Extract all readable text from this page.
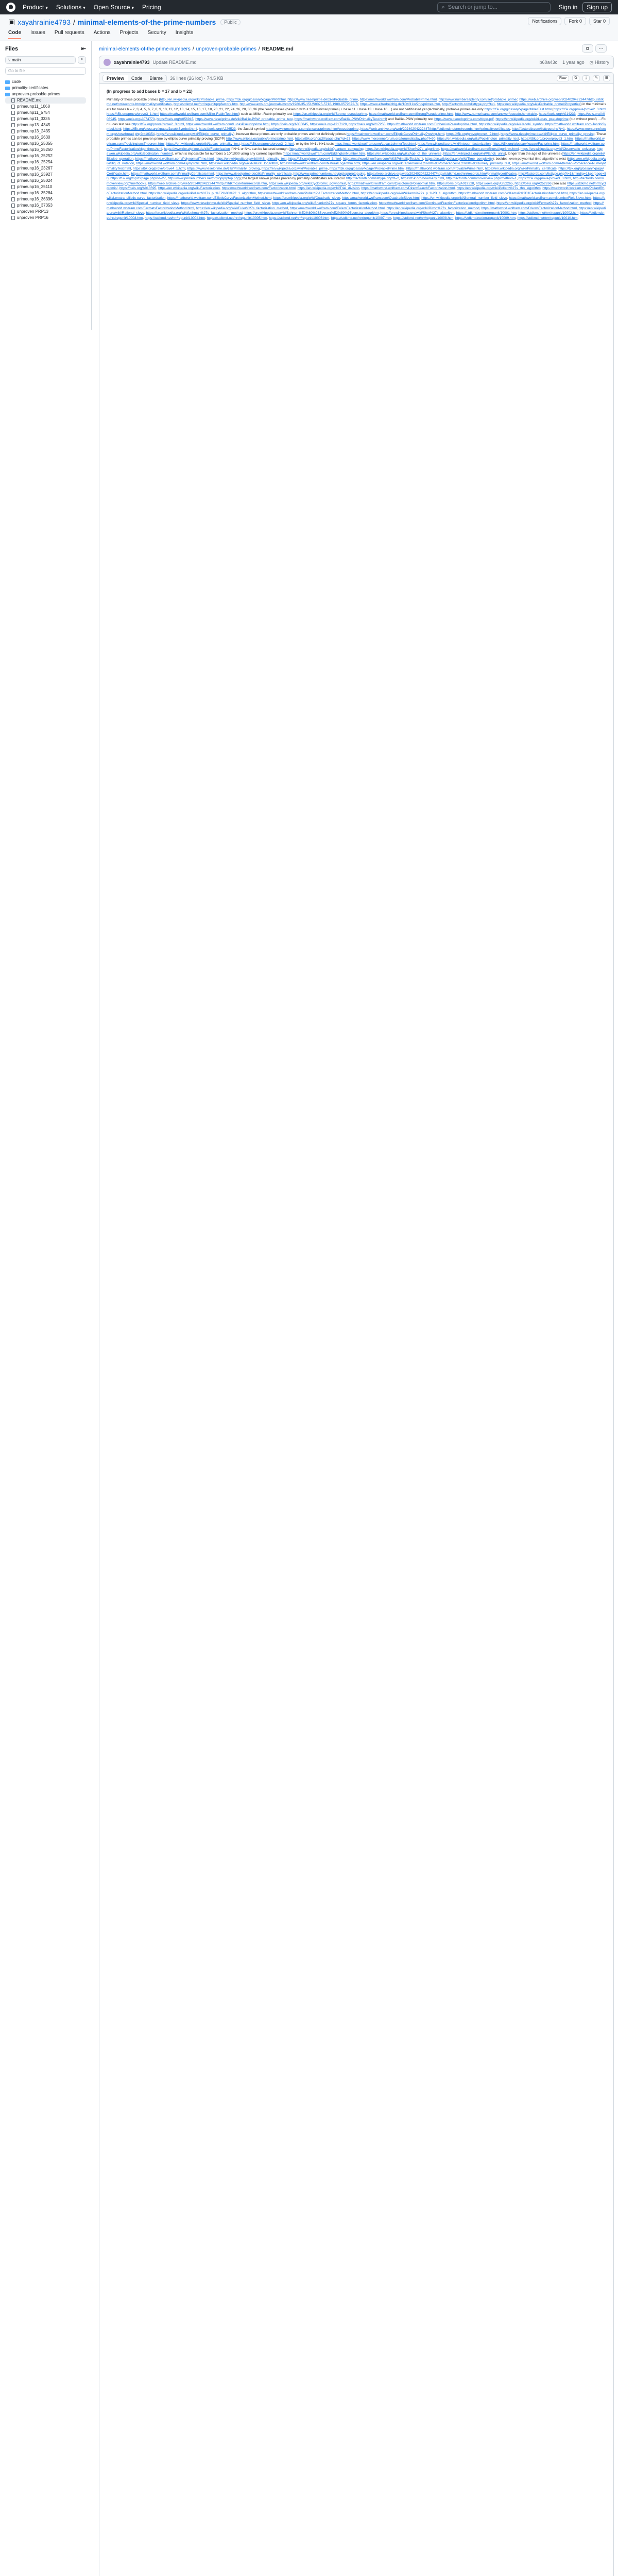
Product ▾ Solutions ▾ Open Source ▾ Pricing	⌕ Search or jump to...	Sign in	Sign up
▣ xayahrainie4793 / minimal-elements-of-the-prime-numbers	Public	Notifications	Fork 0	Star 0
Code Issues Pull requests Actions Projects Security Insights
Files	⇤
⑂ main	⌕
Go to file
code
primality-certificates
unproven-probable-primes
README.md
primeunp11_1068
primeunp11_5754
primeunp11_3335
primeunp13_4345
primeunp13_2435
primeunp16_2630
primeunp16_25355
primeunp16_25250
primeunp16_25252
primeunp16_25254
primeunp16_23267
primeunp16_23927
primeunp16_25024
primeunp16_25110
primeunp16_35284
primeunp16_36396
primeunp16_37353
unproven PRP13
unproven PRP16
minimal-elements-of-the-prime-numbers / unproven-probable-primes / README.md	⧉	⋯
xayahrainie4793 Update README.md	b60a43c 1 year ago ◷ History
Preview	Code	Blame	36 lines (26 loc) · 74.5 KB	Raw	⧉	⤓	✎	☰
(In progress to add bases b = 17 and b = 21)

Primality of these probable primes (http://en.wikipedia.org/wiki/Probable_prime, https://t5k.org/glossary/xpage/PRP.html, https://www.rieselprime.de/ziki/Probable_prime, https://mathworld.wolfram.com/ProbablePrime.html, http://www.numbersaplenty.com/set/probable_prime/, https://web.archive.org/web/20240204222447/http://stdkmd.net/nrr/records.htm#primalitycertificates, http://stdkmd.net/nrr/repunit/prpfactors.htm, http://www.ams.org/journals/mcom/1980-35-151/S0025-5718-1980-0572872-7/, https://www.alfredreichlg.de/10w/11w/2nd/primes.htm, http://factordb.com/listtype.php?t=1, https://en.wikipedia.org/wiki/Probable_prime#Properties) in the minimal sets for bases b = 2, 3, 4, 5, 6, 7, 8, 9, 10, 11, 12, 13, 14, 15, 16, 17, 18, 20, 21, 22, 24, 26, 28, 30, 36 (the "easy" bases (bases b with ≤ 150 minimal primes) + base 11 + base 13 + base 16 ...) are not certificated yet (technically, probable primes are only https://t5k.org/glossary/xpage/MillerTest.html (https://t5k.org/prove/prove2_3.html https://t5k.org/prove/prove3_1.html https://mathworld.wolfram.com/Miller-RabinTest.html) such as Miller–Rabin primality test https://en.wikipedia.org/wiki/Strong_pseudoprime, https://mathworld.wolfram.com/StrongPseudoprime.html, http://www.numericana.com/answer/pseudo.htm#rabin, https://oeis.org/A014233, https://oeis.org/A006945, https://oeis.org/A074773, https://oeis.org/A056915, https://www.rieselprime.de/ziki/Baillie-PSW_probable_prime_test, https://mathworld.wolfram.com/Baillie-PSWPrimalityTest.html) and Baillie–PSW primality test https://www.pseudoprime.com/dopo.pdf, https://en.wikipedia.org/wiki/Lucas_pseudoprime (but without proof) ... For Lucas test see https://t5k.org/prove/prove2_3.html, https://mathworld.wolfram.com/LucasPseudoprime.html, https://oeis.org/A005845, https://oeis.org/A217120, https://oeis.org/A217255, https://mathworld.wolfram.com/FrobeniusPseudoprime.html, https://en.wikipedia.org/wiki/Jacobi_symbol, https://mathworld.wolfram.com/JacobiSymbol.html, https://t5k.org/glossary/xpage/JacobiSymbol.html, https://oeis.org/A226523, the Jacobi symbol http://www.numericana.com/answer/primes.htm#pseudoprime, https://web.archive.org/web/20240204222447/http://stdkmd.net/nrr/records.htm#primalitycertificates, http://factordb.com/listtype.php?t=1, https://www.mersenneforum.org/showthread.php?t=10354, https://en.wikipedia.org/wiki/Elliptic_curve_primality), however these primes are only probable primes and not definitely primes https://mathworld.wolfram.com/EllipticCurvePrimalityProving.html, https://t5k.org/prove/prove4_2.html, https://www.rieselprime.de/ziki/Elliptic_curve_primality_proving. These probable primes can be proven prime by elliptic curve primality proving (ECPP) http://www.ellipsa.eu/public/primo/primo.html, https://t5k.org/top20/page.php?id=27, https://www.mersenneforum.org/forumdisplay.php?f=90, https://en.wikipedia.org/wiki/Pocklington_primality_test, https://t5k.org/prove/prove3_1.html, https://mathworld.wolfram.com/PocklingtonsTheorem.html, https://en.wikipedia.org/wiki/Lucas_primality_test, https://t5k.org/prove/prove3_2.html, or by the N−1 / N+1 tests https://mathworld.wolfram.com/LucasLehmerTest.html, https://en.wikipedia.org/wiki/Integer_factorization, https://t5k.org/glossary/xpage/Factoring.html, https://mathworld.wolfram.com/PrimeFactorizationAlgorithms.html, https://www.rieselprime.de/ziki/Factorization if N−1 or N+1 can be factored enough (https://en.wikipedia.org/wiki/Quantum_computing, https://en.wikipedia.org/wiki/Shor%27s_algorithm, https://mathworld.wolfram.com/ShorsAlgorithm.html, https://en.wikipedia.org/wiki/Observable_universe, https://en.wikipedia.org/wiki/Eddington_number), which is impossible for numbers ≥ 10^1000 using any current algorithm (https://mathworld.wolfram.com/EddingtonNumber.html, https://en.wikipedia.org/wiki/Age_of_the_universe, https://en.wikipedia.org/wiki/Planck_units), longer than the age of the universe (https://en.wikipedia.org/wiki/Bitwise_operation, https://mathworld.wolfram.com/PolynomialTime.html, https://en.wikipedia.org/wiki/AKS_primality_test, https://t5k.org/prove/prove4_3.html, https://mathworld.wolfram.com/AKSPrimalityTest.html, https://en.wikipedia.org/wiki/Time_complexity); besides, even polynomial-time algorithms exist (https://en.wikipedia.org/wiki/Big_O_notation, https://mathworld.wolfram.com/Asymptotic.html, https://en.wikipedia.org/wiki/Natural_logarithm, https://mathworld.wolfram.com/NaturalLogarithm.html, https://en.wikipedia.org/wiki/Adleman%E2%80%93Pomerance%E2%80%93Rumely_primality_test, https://mathworld.wolfram.com/Adleman-Pomerance-RumelyPrimalityTest.html, https://t5k.org/prove/prove4_1.html, https://www.rieselprime.de/ziki/Primality_proving, https://en.wikipedia.org/wiki/Provable_prime, https://t5k.org/glossary/xpage/ProvablePrime.html, https://mathworld.wolfram.com/ProvablePrime.html, https://en.wikipedia.org/wiki/Primality_certificate, https://t5k.org/glossary/xpage/Certificate.html, https://mathworld.wolfram.com/PrimalityCertificate.html, https://www.rieselprime.de/ziki/Primality_certificate, http://www.primenumbers.net/prptop/prptop.php, https://web.archive.org/web/20240204222447/http://stdkmd.net/nrr/records.htm#primalitycertificates, http://factordb.com/listtype.php?t=1&mindig=1&perpage=50, https://t5k.org/top20/page.php?id=27, http://www.primenumbers.net/prptop/prptop.php); the largest known primes proven by primality certificates are listed in http://factordb.com/listtype.php?t=2, https://t5k.org/howmany.html, http://factordb.com/nmoverview.php?method=1, https://t5k.org/prove/prove3_3.html, http://factordb.com/nmoverview.php?method=2, https://web.archive.org/web/20240204222447/http://stdkmd.net/nrr/records.htm, https://en.wikipedia.org/wiki/Cyclotomic_polynomial, https://mathworld.wolfram.com/CyclotomicPolynomial.html, https://oeis.org/A019328, https://oeis.org/A252265, https://oeis.org/A252266 (see also https://stdkmd.net/nrr/cyclotomic/, https://oeis.org/A013595, https://en.wikipedia.org/wiki/Factorization, https://mathworld.wolfram.com/Factorization.html, https://en.wikipedia.org/wiki/Trial_division, https://mathworld.wolfram.com/DirectSearchFactorization.html, https://en.wikipedia.org/wiki/Pollard%27s_rho_algorithm, https://mathworld.wolfram.com/PollardRhoFactorizationMethod.html, https://en.wikipedia.org/wiki/Pollard%27s_p_%E2%88%92_1_algorithm, https://mathworld.wolfram.com/PollardP-1FactorizationMethod.html, https://en.wikipedia.org/wiki/Williams%27s_p_%2B_1_algorithm, https://mathworld.wolfram.com/WilliamsP%2B1FactorizationMethod.html, https://en.wikipedia.org/wiki/Lenstra_elliptic-curve_factorization, https://mathworld.wolfram.com/EllipticCurveFactorizationMethod.html, https://en.wikipedia.org/wiki/Quadratic_sieve, https://mathworld.wolfram.com/QuadraticSieve.html, https://en.wikipedia.org/wiki/General_number_field_sieve, https://mathworld.wolfram.com/NumberFieldSieve.html, https://en.wikipedia.org/wiki/Special_number_field_sieve, https://www.rieselprime.de/ziki/Special_number_field_sieve, https://en.wikipedia.org/wiki/Shanks%27s_square_forms_factorization, https://mathworld.wolfram.com/ContinuedFractionFactorizationAlgorithm.html, https://en.wikipedia.org/wiki/Fermat%27s_factorization_method, https://mathworld.wolfram.com/FermatsFactorizationMethod.html, https://en.wikipedia.org/wiki/Euler%27s_factorization_method, https://mathworld.wolfram.com/EulersFactorizationMethod.html, https://en.wikipedia.org/wiki/Dixon%27s_factorization_method, https://mathworld.wolfram.com/DixonsFactorizationMethod.html, https://en.wikipedia.org/wiki/Rational_sieve, https://en.wikipedia.org/wiki/Lehman%27s_factorization_method, https://en.wikipedia.org/wiki/Schnorr%E2%80%93Seysen%E2%80%93Lenstra_algorithm, https://en.wikipedia.org/wiki/Shor%27s_algorithm, https://stdkmd.net/nrr/repunit/10001.htm, https://stdkmd.net/nrr/repunit/10002.htm, https://stdkmd.net/nrr/repunit/10003.htm, https://stdkmd.net/nrr/repunit/10004.htm, https://stdkmd.net/nrr/repunit/10005.htm, https://stdkmd.net/nrr/repunit/10006.htm, https://stdkmd.net/nrr/repunit/10007.htm, https://stdkmd.net/nrr/repunit/10008.htm, https://stdkmd.net/nrr/repunit/10009.htm, https://stdkmd.net/nrr/repunit/10010.htm,
